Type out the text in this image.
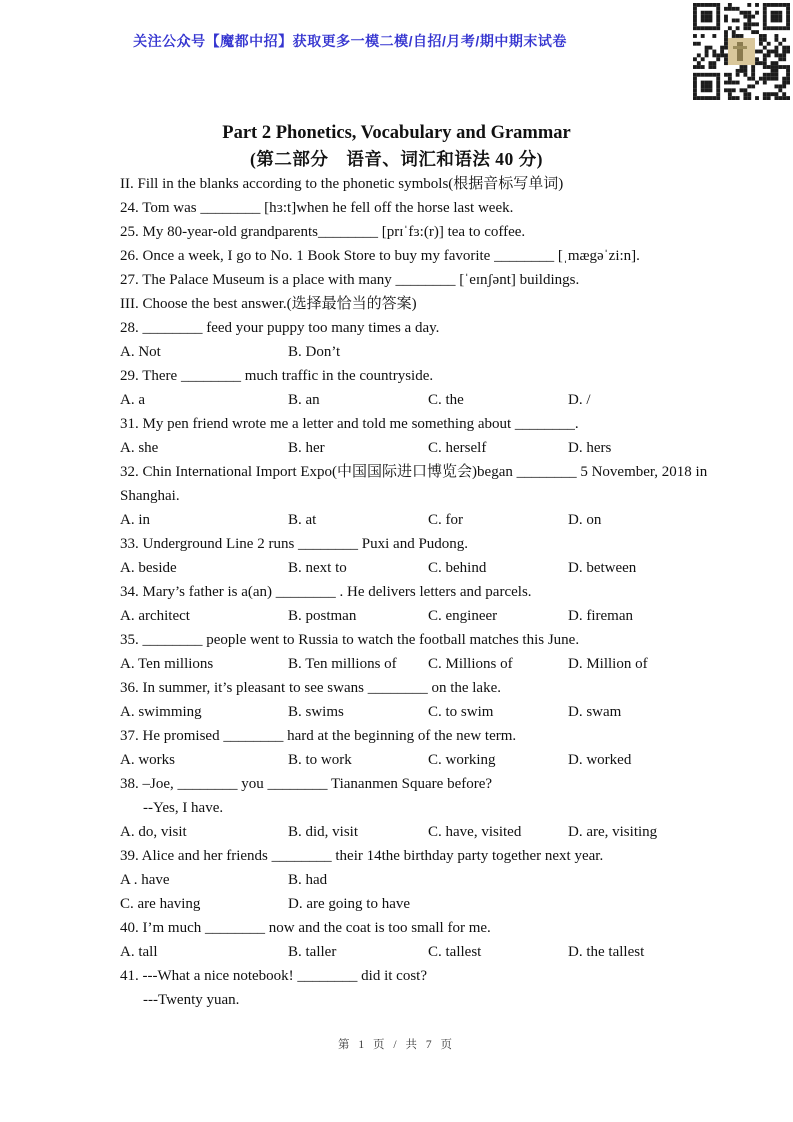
关注公众号【魔都中招】获取更多一模二模/自招/月考/期中期末试卷
Part 2 Phonetics, Vocabulary and Grammar
(第二部分　语音、词汇和语法 40 分)
II. Fill in the blanks according to the phonetic symbols(根据音标写单词)
24. Tom was ________ [hɜ:t]when he fell off the horse last week.
25. My 80-year-old grandparents________ [prɪˈfɜ:(r)] tea to coffee.
26. Once a week, I go to No. 1 Book Store to buy my favorite ________ [ˌmægəˈzi:n].
27. The Palace Museum is a place with many ________ [ˈeɪnʃənt] buildings.
III. Choose the best answer.(选择最恰当的答案)
28. ________ feed your puppy too many times a day.
A. Not	B. Don’t
29. There ________ much traffic in the countryside.
A. a	B. an	C. the	D. /
31. My pen friend wrote me a letter and told me something about ________.
A. she	B. her	C. herself	D. hers
32. Chin International Import Expo(中国国际进口博览会)began ________ 5 November, 2018 in
Shanghai.
A. in	B. at	C. for	D. on
33. Underground Line 2 runs ________ Puxi and Pudong.
A. beside	B. next to	C. behind	D. between
34. Mary’s father is a(an) ________ . He delivers letters and parcels.
A. architect	B. postman	C. engineer	D. fireman
35. ________ people went to Russia to watch the football matches this June.
A. Ten millions	B. Ten millions of	C. Millions of	D. Million of
36. In summer, it’s pleasant to see swans ________ on the lake.
A. swimming	B. swims	C. to swim	D. swam
37. He promised ________ hard at the beginning of the new term.
A. works	B. to work	C. working	D. worked
38. –Joe, ________ you ________ Tiananmen Square before?
--Yes, I have.
A. do, visit	B. did, visit	C. have, visited	D. are, visiting
39. Alice and her friends ________ their 14the birthday party together next year.
A . have	B. had
C. are having	D. are going to have
40. I’m much ________ now and the coat is too small for me.
A. tall	B. taller	C. tallest	D. the tallest
41. ---What a nice notebook! ________ did it cost?
---Twenty yuan.
第 1 页 / 共 7 页
